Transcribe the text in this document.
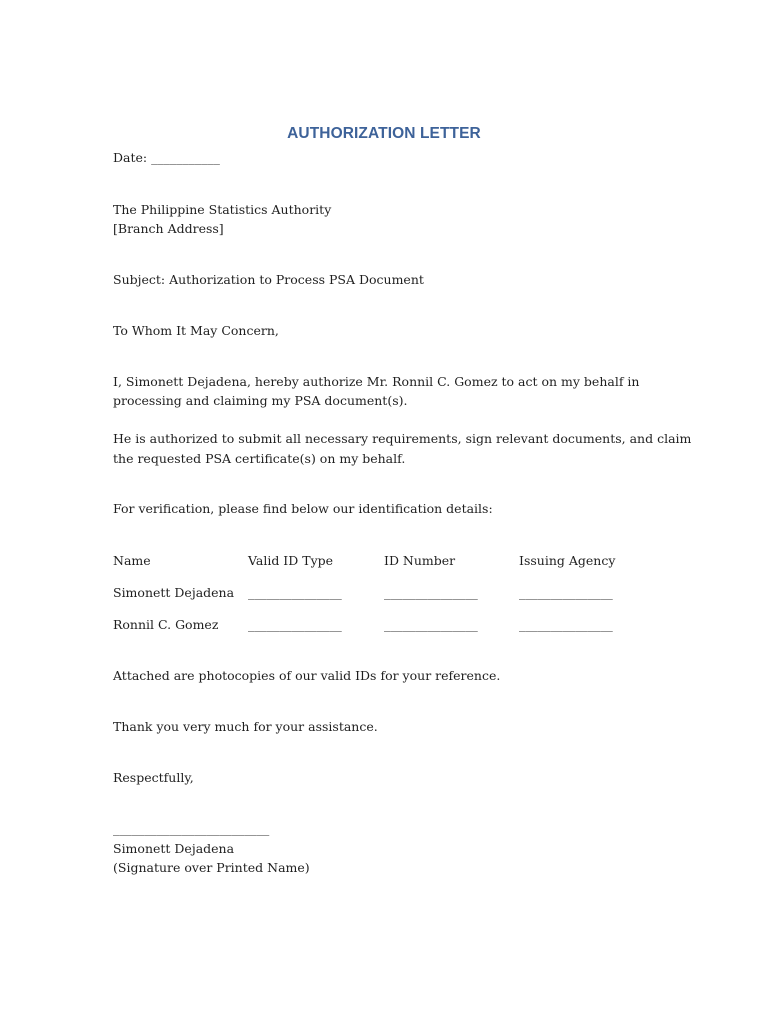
AUTHORIZATION LETTER
Date: ___________
The Philippine Statistics Authority
[Branch Address]
Subject: Authorization to Process PSA Document
To Whom It May Concern,
I, Simonett Dejadena, hereby authorize Mr. Ronnil C. Gomez to act on my behalf in
processing and claiming my PSA document(s).
He is authorized to submit all necessary requirements, sign relevant documents, and claim
the requested PSA certificate(s) on my behalf.
For verification, please find below our identification details:
Name	Valid ID Type	ID Number	Issuing Agency
Simonett Dejadena _______________	_______________	_______________
Ronnil C. Gomez _______________	_______________	_______________
Attached are photocopies of our valid IDs for your reference.
Thank you very much for your assistance.
Respectfully,
_________________________
Simonett Dejadena
(Signature over Printed Name)
